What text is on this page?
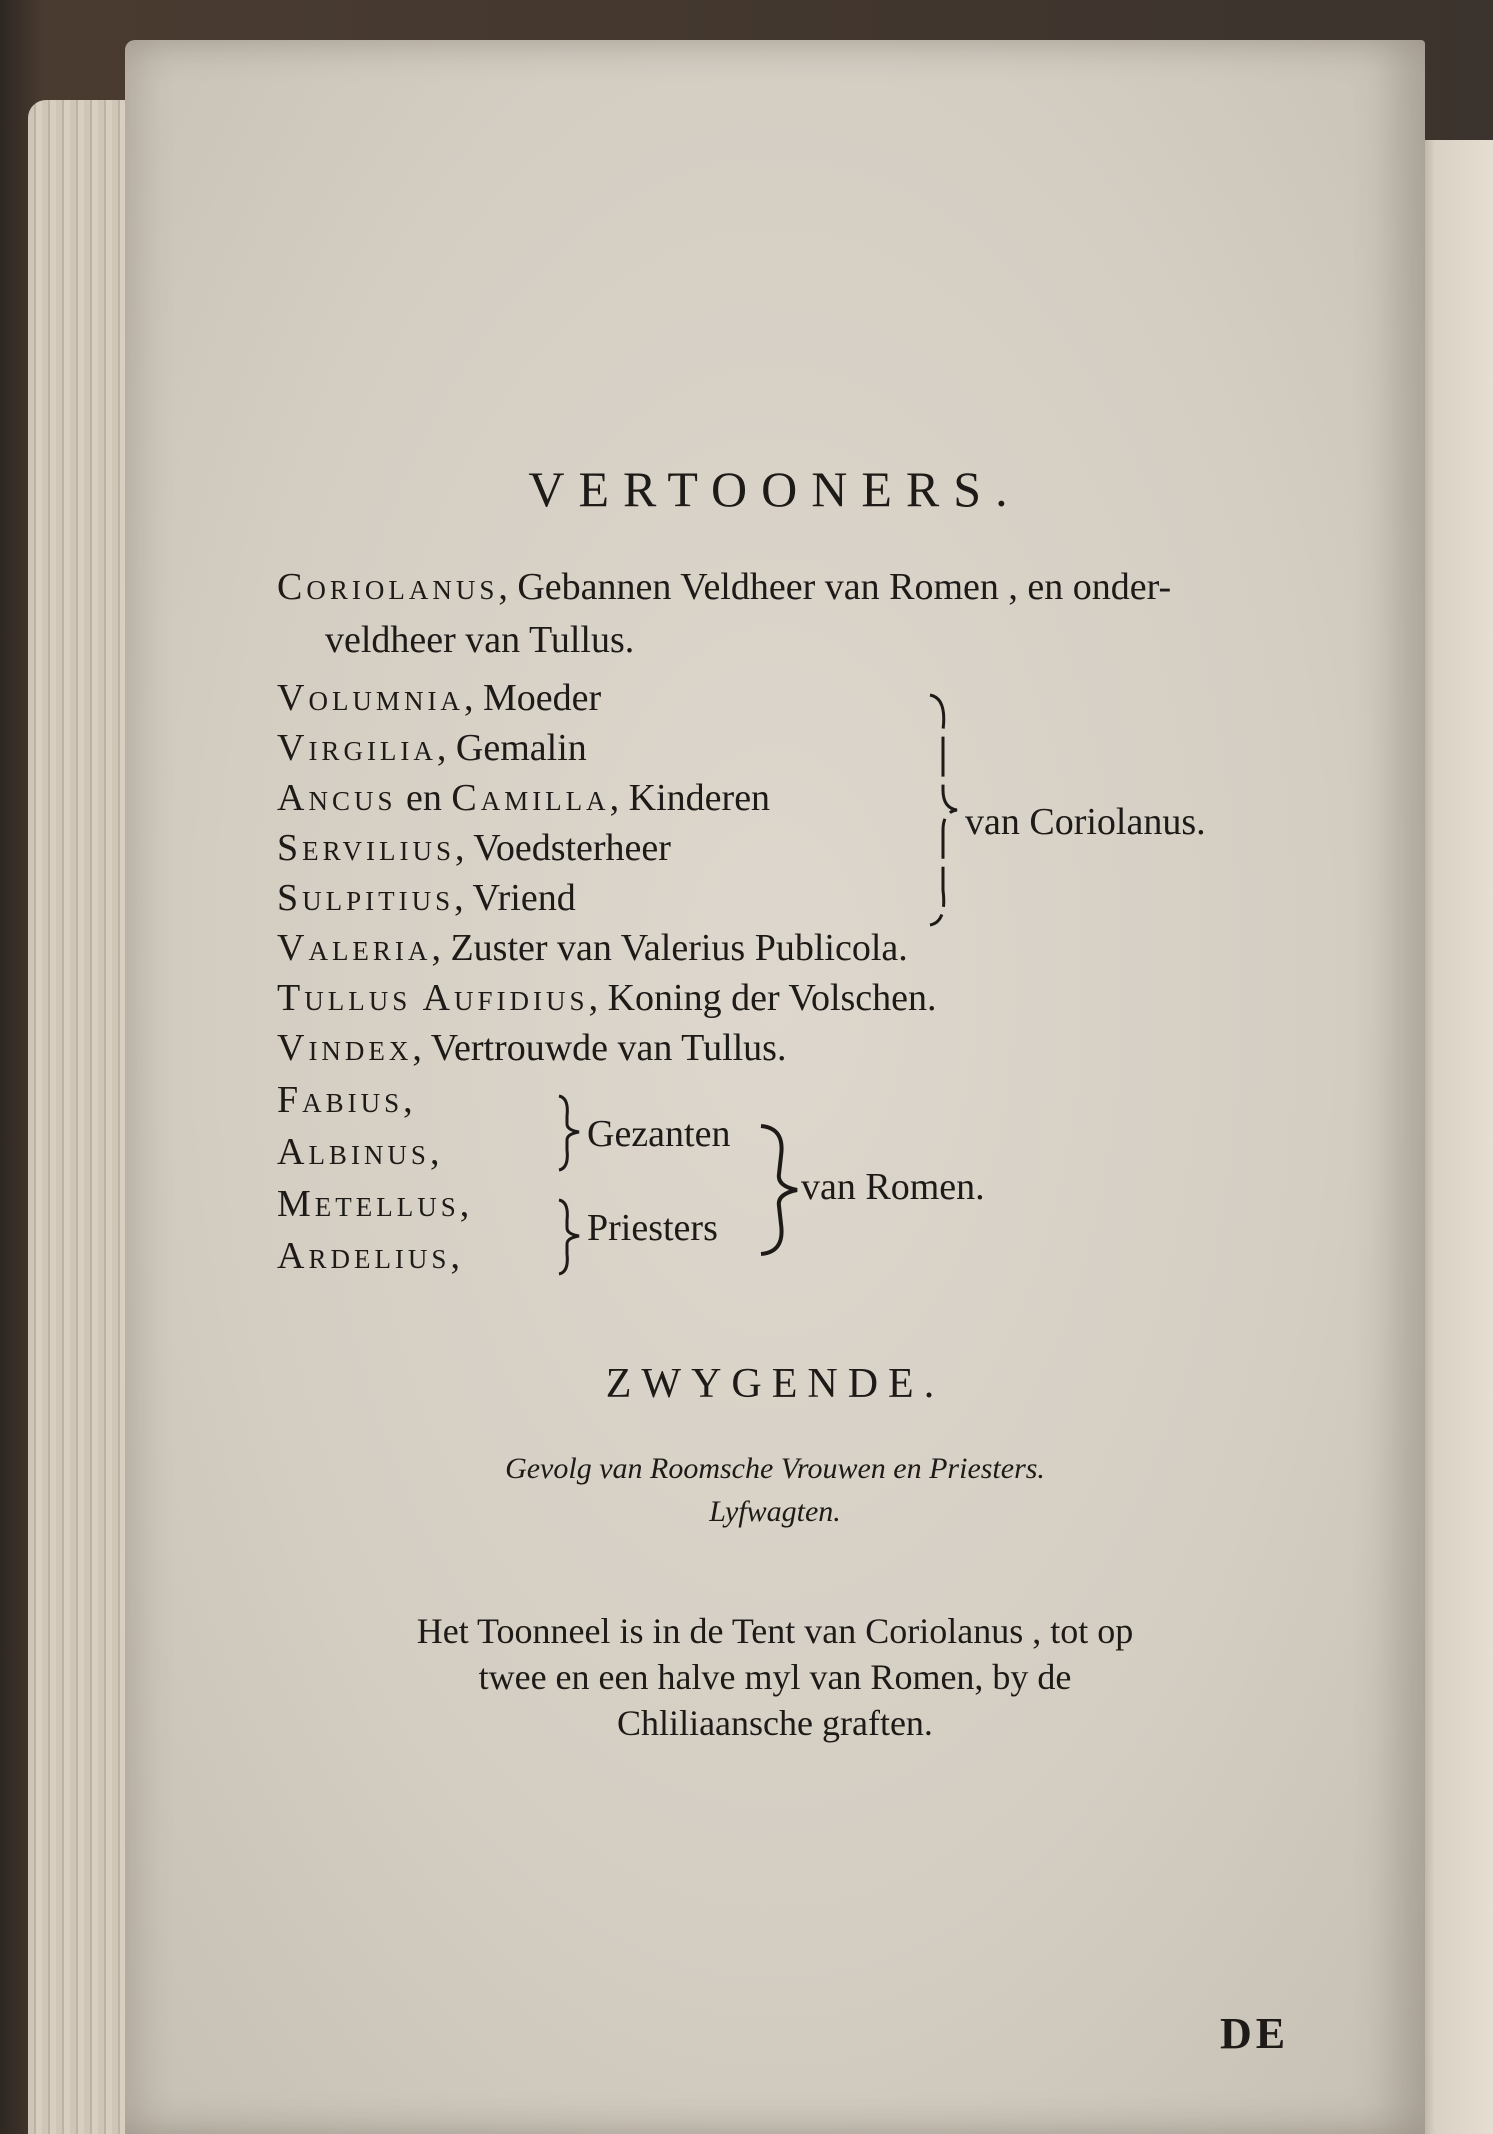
VERTOONERS.
Coriolanus, Gebannen Veldheer van Romen , en onder-
veldheer van Tullus.
Volumnia, Moeder
Virgilia, Gemalin
Ancus en Camilla, Kinderen
Servilius, Voedsterheer
Sulpitius, Vriend
van Coriolanus.
Valeria, Zuster van Valerius Publicola.
Tullus Aufidius, Koning der Volschen.
Vindex, Vertrouwde van Tullus.
Fabius,
Albinus,
Metellus,
Ardelius,
Gezanten
Priesters
van Romen.
ZWYGENDE.
Gevolg van Roomsche Vrouwen en Priesters.
Lyfwagten.
Het Toonneel is in de Tent van Coriolanus , tot op
twee en een halve myl van Romen, by de
Chliliaansche graften.
DE
